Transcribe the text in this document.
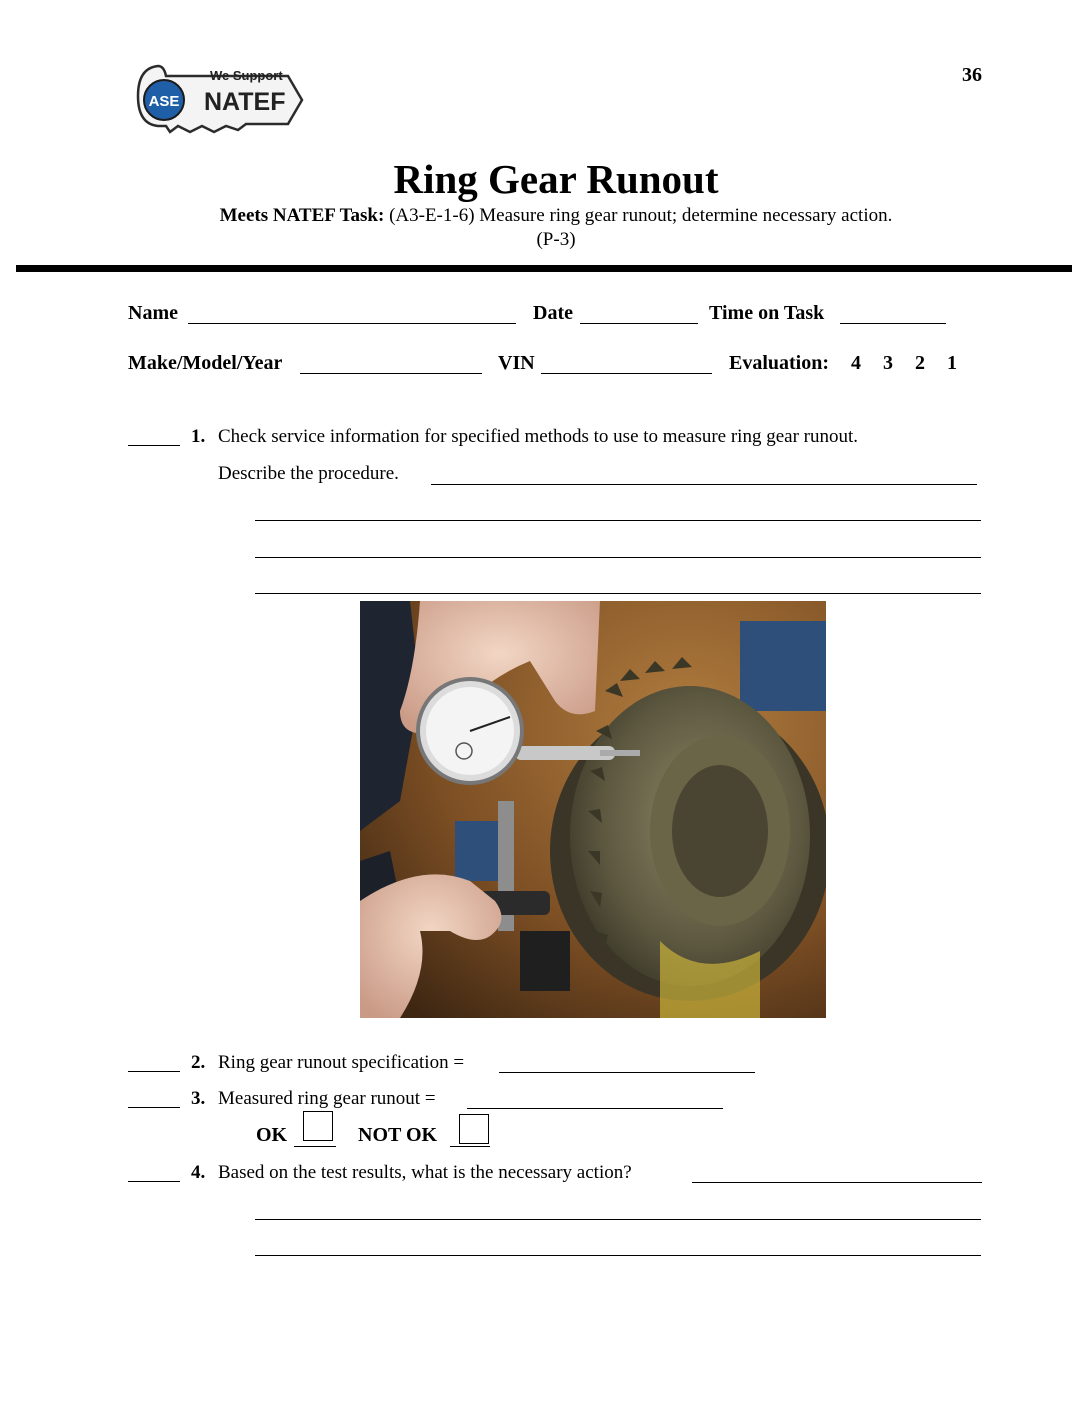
36
ASE
We Support
NATEF
Ring Gear Runout
Meets NATEF Task: (A3-E-1-6) Measure ring gear runout; determine necessary action.
(P-3)
Name	Date	Time on Task
Make/Model/Year	VIN	Evaluation: 4 3 2 1
1. Check service information for specified methods to use to measure ring gear runout.
Describe the procedure.
2. Ring gear runout specification =
3. Measured ring gear runout =
OK	NOT OK
4. Based on the test results, what is the necessary action?
